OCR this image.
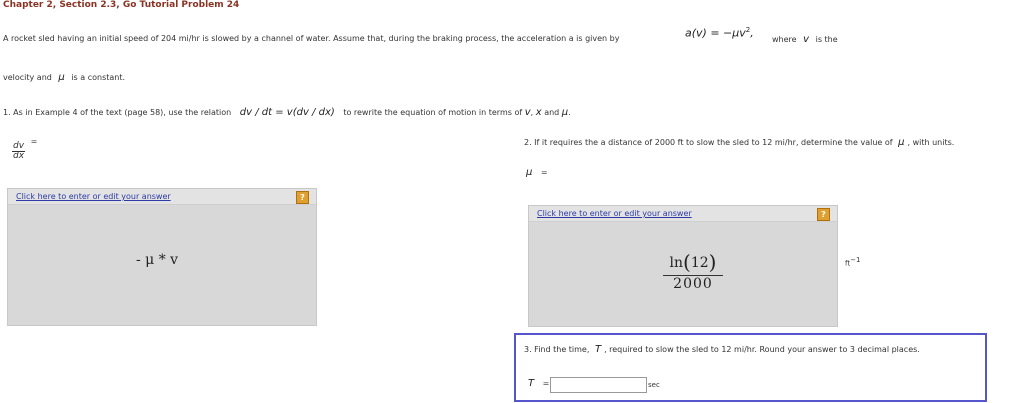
Chapter 2, Section 2.3, Go Tutorial Problem 24
A rocket sled having an initial speed of 204 mi/hr is slowed by a channel of water. Assume that, during the braking process, the acceleration a is given by	$a(v) = -\mu v^2$, where v is the
velocity and μ is a constant.
1. As in Example 4 of the text (page 58), use the relation dv / dt = v(dv / dx) to rewrite the equation of motion in terms of v, x and μ.
$\frac{dv}{dx}$
=
Click here to enter or edit your answer	?
- μ * v
2. If it requires the a distance of 2000 ft to slow the sled to 12 mi/hr, determine the value of μ , with units.
μ =
Click here to enter or edit your answer	?
$\frac{\ln(12)}{2000}$	ft−1
3. Find the time, T , required to slow the sled to 12 mi/hr. Round your answer to 3 decimal places.
T =	sec
